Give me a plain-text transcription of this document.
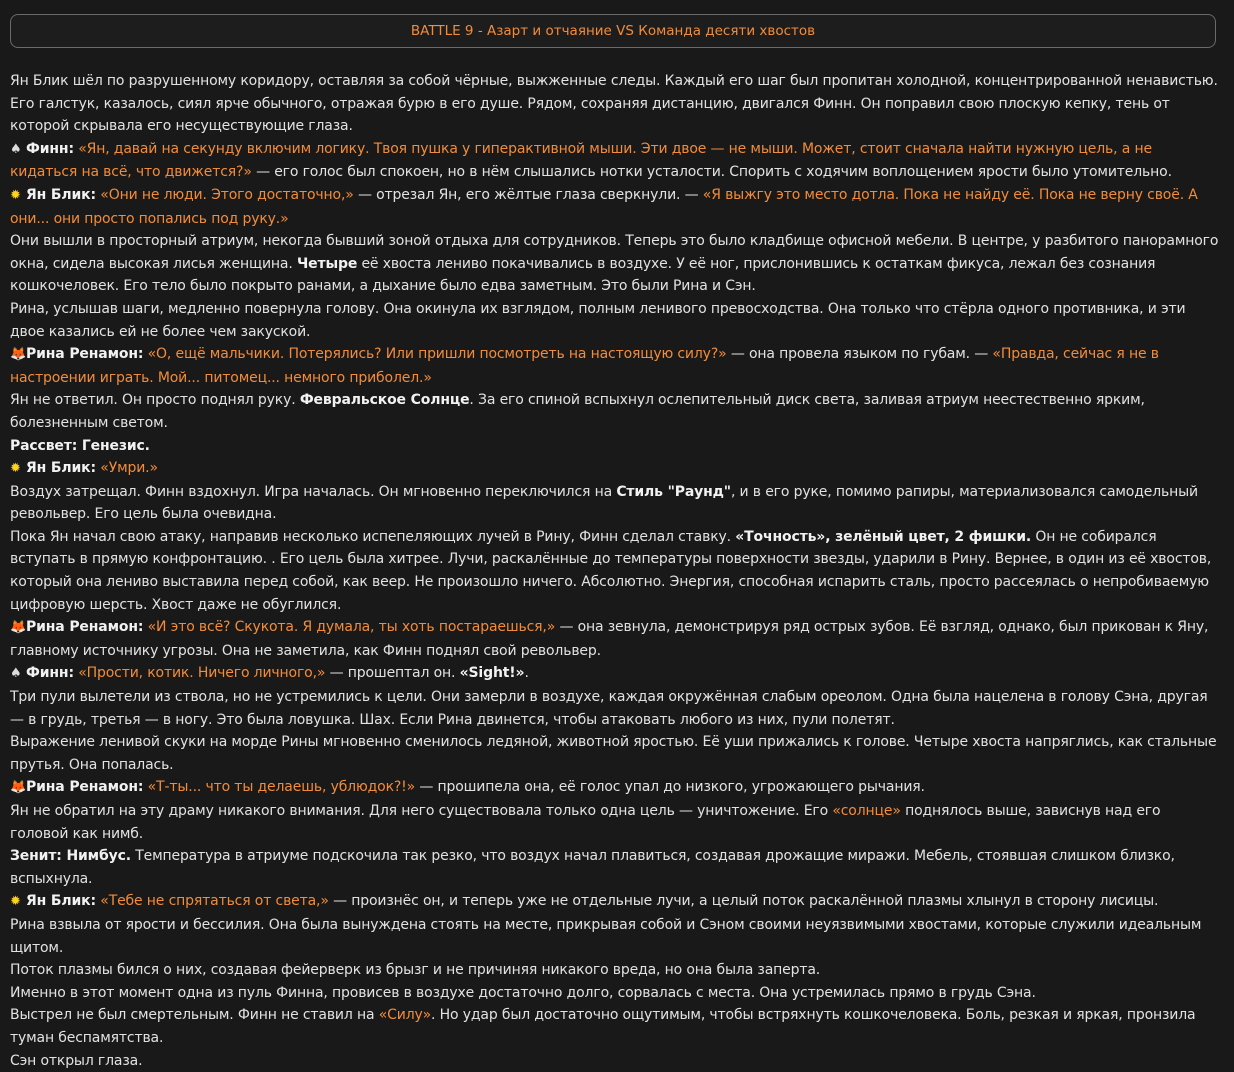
BATTLE 9 - Азарт и отчаяние VS Команда десяти хвостов

Ян Блик шёл по разрушенному коридору, оставляя за собой чёрные, выжженные следы. Каждый его шаг был пропитан холодной, концентрированной ненавистью. Его галстук, казалось, сиял ярче обычного, отражая бурю в его душе. Рядом, сохраняя дистанцию, двигался Финн. Он поправил свою плоскую кепку, тень от которой скрывала его несуществующие глаза.

♠ Финн: «Ян, давай на секунду включим логику. Твоя пушка у гиперактивной мыши. Эти двое — не мыши. Может, стоит сначала найти нужную цель, а не кидаться на всё, что движется?» — его голос был спокоен, но в нём слышались нотки усталости. Спорить с ходячим воплощением ярости было утомительно.

✹ Ян Блик: «Они не люди. Этого достаточно,» — отрезал Ян, его жёлтые глаза сверкнули. — «Я выжгу это место дотла. Пока не найду её. Пока не верну своё. А они... они просто попались под руку.»

Они вышли в просторный атриум, некогда бывший зоной отдыха для сотрудников. Теперь это было кладбище офисной мебели. В центре, у разбитого панорамного окна, сидела высокая лисья женщина. Четыре её хвоста лениво покачивались в воздухе. У её ног, прислонившись к остаткам фикуса, лежал без сознания кошкочеловек. Его тело было покрыто ранами, а дыхание было едва заметным. Это были Рина и Сэн.

Рина, услышав шаги, медленно повернула голову. Она окинула их взглядом, полным ленивого превосходства. Она только что стёрла одного противника, и эти двое казались ей не более чем закуской.

🦊Рина Ренамон: «О, ещё мальчики. Потерялись? Или пришли посмотреть на настоящую силу?» — она провела языком по губам. — «Правда, сейчас я не в настроении играть. Мой... питомец... немного приболел.»

Ян не ответил. Он просто поднял руку. Февральское Солнце. За его спиной вспыхнул ослепительный диск света, заливая атриум неестественно ярким, болезненным светом.

Рассвет: Генезис.

✹ Ян Блик: «Умри.»

Воздух затрещал. Финн вздохнул. Игра началась. Он мгновенно переключился на Стиль "Раунд", и в его руке, помимо рапиры, материализовался самодельный револьвер. Его цель была очевидна.

Пока Ян начал свою атаку, направив несколько испепеляющих лучей в Рину, Финн сделал ставку. «Точность», зелёный цвет, 2 фишки. Он не собирался вступать в прямую конфронтацию. . Его цель была хитрее. Лучи, раскалённые до температуры поверхности звезды, ударили в Рину. Вернее, в один из её хвостов, который она лениво выставила перед собой, как веер. Не произошло ничего. Абсолютно. Энергия, способная испарить сталь, просто рассеялась о непробиваемую цифровую шерсть. Хвост даже не обуглился.

🦊Рина Ренамон: «И это всё? Скукота. Я думала, ты хоть постараешься,» — она зевнула, демонстрируя ряд острых зубов. Её взгляд, однако, был прикован к Яну, главному источнику угрозы. Она не заметила, как Финн поднял свой револьвер.

♠ Финн: «Прости, котик. Ничего личного,» — прошептал он. «Sight!».

Три пули вылетели из ствола, но не устремились к цели. Они замерли в воздухе, каждая окружённая слабым ореолом. Одна была нацелена в голову Сэна, другая — в грудь, третья — в ногу. Это была ловушка. Шах. Если Рина двинется, чтобы атаковать любого из них, пули полетят.

Выражение ленивой скуки на морде Рины мгновенно сменилось ледяной, животной яростью. Её уши прижались к голове. Четыре хвоста напряглись, как стальные прутья. Она попалась.

🦊Рина Ренамон: «Т-ты... что ты делаешь, ублюдок?!» — прошипела она, её голос упал до низкого, угрожающего рычания.

Ян не обратил на эту драму никакого внимания. Для него существовала только одна цель — уничтожение. Его «солнце» поднялось выше, зависнув над его головой как нимб.

Зенит: Нимбус. Температура в атриуме подскочила так резко, что воздух начал плавиться, создавая дрожащие миражи. Мебель, стоявшая слишком близко, вспыхнула.

✹ Ян Блик: «Тебе не спрятаться от света,» — произнёс он, и теперь уже не отдельные лучи, а целый поток раскалённой плазмы хлынул в сторону лисицы.

Рина взвыла от ярости и бессилия. Она была вынуждена стоять на месте, прикрывая собой и Сэном своими неуязвимыми хвостами, которые служили идеальным щитом.

Поток плазмы бился о них, создавая фейерверк из брызг и не причиняя никакого вреда, но она была заперта.

Именно в этот момент одна из пуль Финна, провисев в воздухе достаточно долго, сорвалась с места. Она устремилась прямо в грудь Сэна.

Выстрел не был смертельным. Финн не ставил на «Силу». Но удар был достаточно ощутимым, чтобы встряхнуть кошкочеловека. Боль, резкая и яркая, пронзила туман беспамятства.

Сэн открыл глаза.
